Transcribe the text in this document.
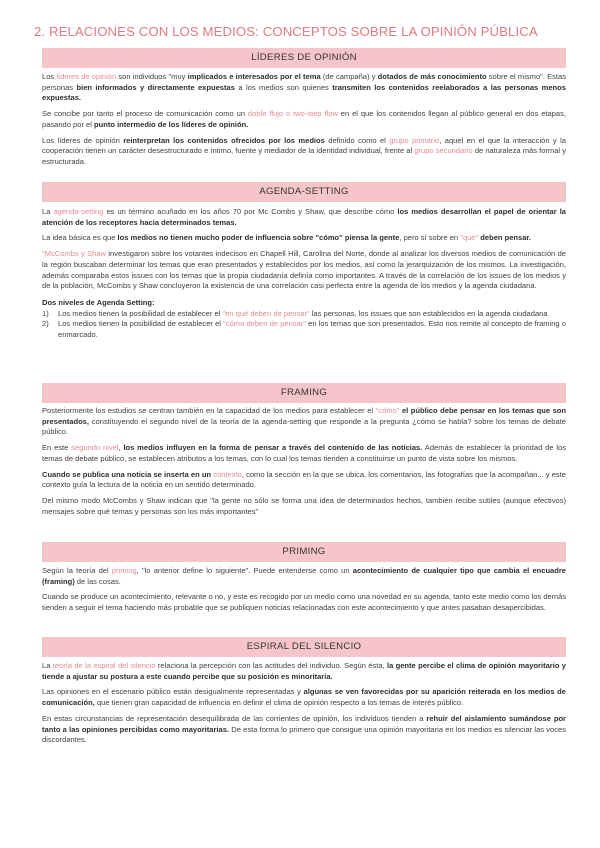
2. RELACIONES CON LOS MEDIOS: CONCEPTOS SOBRE LA OPINIÓN PÚBLICA
LÍDERES DE OPINIÓN

Los líderes de opinión son individuos "muy implicados e interesados por el tema (de campaña) y dotados de más conocimiento sobre el mismo". Estas personas bien informados y directamente expuestas a los medios son quienes transmiten los contenidos reelaborados a las personas menos expuestas.

Se concibe por tanto el proceso de comunicación como un doble flujo o two-step flow en el que los contenidos llegan al público general en dos etapas, pasando por el punto intermedio de los líderes de opinión.

Los líderes de opinión reinterpretan los contenidos ofrecidos por los medios definido como el grupo primario, aquel en el que la interacción y la cooperación tienen un carácter desestructurado e íntimo, fuente y mediador de la identidad individual, frente al grupo secundario de naturaleza más formal y estructurada.

AGENDA-SETTING

La agenda-setting es un término acuñado en los años 70 por Mc Combs y Shaw, que describe cómo los medios desarrollan el papel de orientar la atención de los receptores hacia determinados temas.

La idea básica es que los medios no tienen mucho poder de influencia sobre "cómo" piensa la gente, pero sí sobre en "qué" deben pensar.

"McCombs y Shaw investigaron sobre los votantes indecisos en Chapell Hill, Carolina del Norte, donde al analizar los diversos medios de comunicación de la región buscaban determinar los temas que eran presentados y establecidos por los medios, así como la jerarquización de los mismos. La investigación, además comparaba estos issues con los temas que la propia ciudadanía definía como importantes. A través de la correlación de los issues de los medios y de la población, McCombs y Shaw concluyeron la existencia de una correlación casi perfecta entre la agenda de los medios y la agenda ciudadana.

Dos niveles de Agenda Setting:

1) Los medios tienen la posibilidad de establecer el "en qué deben de pensar" las personas, los issues que son establecidos en la agenda ciudadana
2) Los medios tienen la posibilidad de establecer el "cómo deben de pensar" en los temas que son presentados. Esto nos remite al concepto de framing o enmarcado.
FRAMING

Posteriormente los estudios se centran también en la capacidad de los medios para establecer el "cómo" el público debe pensar en los temas que son presentados, constituyendo el segundo nivel de la teoría de la agenda-setting que responde a la pregunta ¿cómo se habla? sobre los temas de debate público.

En este segundo nivel, los medios influyen en la forma de pensar a través del contenido de las noticias. Además de establecer la prioridad de los temas de debate público, se establecen atributos a los temas, con lo cual los temas tienden a constituirse un punto de vista sobre los mismos.

Cuando se publica una noticia se inserta en un contexto, como la sección en la que se ubica, los comentarios, las fotografías que la acompañan... y este contexto guía la lectura de la noticia en un sentido determinado.

Del mismo modo McCombs y Shaw indican que "la gente no sólo se forma una idea de determinados hechos, también recibe sutiles (aunque efectivos) mensajes sobre qué temas y personas son los más importantes"

PRIMING

Según la teoría del priming, "lo anterior define lo siguiente". Puede entenderse como un acontecimiento de cualquier tipo que cambia el encuadre (framing) de las cosas.

Cuando se produce un acontecimiento, relevante o no, y este es recogido por un medio como una novedad en su agenda, tanto este medio como los demás tienden a seguir el tema haciendo más probable que se publiquen noticias relacionadas con este acontecimiento y que antes pasaban desapercibidas.

ESPIRAL DEL SILENCIO

La teoría de la espiral del silencio relaciona la percepción con las actitudes del individuo. Según ésta, la gente percibe el clima de opinión mayoritario y tiende a ajustar su postura a este cuando percibe que su posición es minoritaria.

Las opiniones en el escenario público están desigualmente representadas y algunas se ven favorecidas por su aparición reiterada en los medios de comunicación, que tienen gran capacidad de influencia en definir el clima de opinión respecto a los temas de interés público.

En estas circunstancias de representación desequilibrada de las corrientes de opinión, los individuos tienden a rehuir del aislamiento sumándose por tanto a las opiniones percibidas como mayoritarias. De esta forma lo primero que consigue una opinión mayoritaria en los medios es silenciar las voces discordantes.
